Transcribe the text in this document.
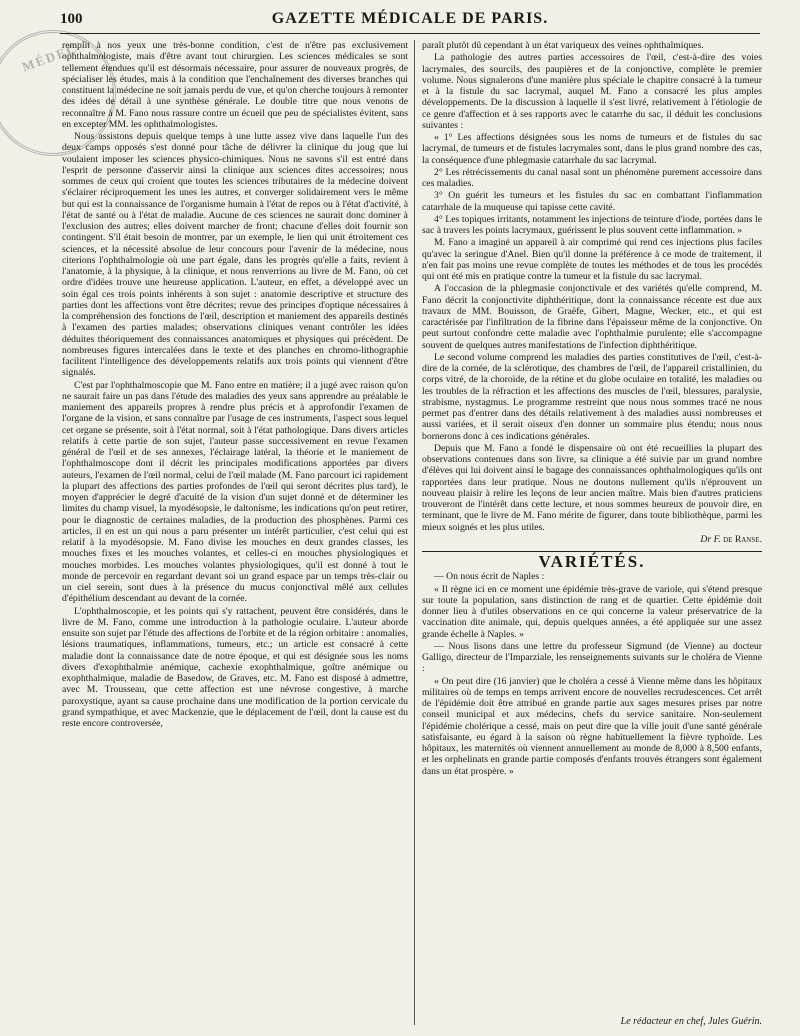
MÉDEC
100	GAZETTE MÉDICALE DE PARIS.

remplit à nos yeux une très-bonne condition, c'est de n'être pas exclusivement ophthalmologiste, mais d'être avant tout chirurgien. Les sciences médicales se sont tellement étendues qu'il est désormais nécessaire, pour assurer de nouveaux progrès, de spécialiser les études, mais à la condition que l'enchaînement des diverses branches qui constituent la médecine ne soit jamais perdu de vue, et qu'on cherche toujours à remonter des idées de détail à une synthèse générale. Le double titre que nous venons de reconnaître à M. Fano nous rassure contre un écueil que peu de spécialistes évitent, sans en excepter MM. les ophthalmologistes.

Nous assistons depuis quelque temps à une lutte assez vive dans laquelle l'un des deux camps opposés s'est donné pour tâche de délivrer la clinique du joug que lui voulaient imposer les sciences physico-chimiques. Nous ne savons s'il est entré dans l'esprit de personne d'asservir ainsi la clinique aux sciences dites accessoires; nous sommes de ceux qui croient que toutes les sciences tributaires de la médecine doivent s'éclairer réciproquement les unes les autres, et converger solidairement vers le même but qui est la connaissance de l'organisme humain à l'état de repos ou à l'état d'activité, à l'état de santé ou à l'état de maladie. Aucune de ces sciences ne saurait donc dominer à l'exclusion des autres; elles doivent marcher de front; chacune d'elles doit fournir son contingent. S'il était besoin de montrer, par un exemple, le lien qui unit étroitement ces sciences, et la nécessité absolue de leur concours pour l'avenir de la médecine, nous citerions l'ophthalmologie où une part égale, dans les progrès qu'elle a faits, revient à l'anatomie, à la physique, à la clinique, et nous renverrions au livre de M. Fano, où cet ordre d'idées trouve une heureuse application. L'auteur, en effet, a développé avec un soin égal ces trois points inhérents à son sujet : anatomie descriptive et structure des parties dont les affections vont être décrites; revue des principes d'optique nécessaires à la compréhension des fonctions de l'œil, description et maniement des appareils destinés à l'examen des parties malades; observations cliniques venant contrôler les idées déduites théoriquement des connaissances anatomiques et physiques qui précèdent. De nombreuses figures intercalées dans le texte et des planches en chromo-lithographie facilitent l'intelligence des développements relatifs aux trois points qui viennent d'être signalés.

C'est par l'ophthalmoscopie que M. Fano entre en matière; il a jugé avec raison qu'on ne saurait faire un pas dans l'étude des maladies des yeux sans apprendre au préalable le maniement des appareils propres à rendre plus précis et à approfondir l'examen de l'organe de la vision, et sans connaître par l'usage de ces instruments, l'aspect sous lequel cet organe se présente, soit à l'état normal, soit à l'état pathologique. Dans divers articles relatifs à cette partie de son sujet, l'auteur passe successivement en revue l'examen général de l'œil et de ses annexes, l'éclairage latéral, la théorie et le maniement de l'ophthalmoscope dont il décrit les principales modifications apportées par divers auteurs, l'examen de l'œil normal, celui de l'œil malade (M. Fano parcourt ici rapidement la plupart des affections des parties profondes de l'œil qui seront décrites plus tard), le moyen d'apprécier le degré d'acuité de la vision d'un sujet donné et de déterminer les limites du champ visuel, la myodésopsie, le daltonisme, les indications qu'on peut retirer, pour le diagnostic de certaines maladies, de la production des phosphènes. Parmi ces articles, il en est un qui nous a paru présenter un intérêt particulier, c'est celui qui est relatif à la myodésopsie. M. Fano divise les mouches en deux grandes classes, les mouches fixes et les mouches volantes, et celles-ci en mouches physiologiques et mouches morbides. Les mouches volantes physiologiques, qu'il est donné à tout le monde de percevoir en regardant devant soi un grand espace par un temps très-clair ou un ciel serein, sont dues à la présence du mucus conjonctival mêlé aux cellules d'épithélium descendant au devant de la cornée.

L'ophthalmoscopie, et les points qui s'y rattachent, peuvent être considérés, dans le livre de M. Fano, comme une introduction à la pathologie oculaire. L'auteur aborde ensuite son sujet par l'étude des affections de l'orbite et de la région orbitaire : anomalies, lésions traumatiques, inflammations, tumeurs, etc.; un article est consacré à cette maladie dont la connaissance date de notre époque, et qui est désignée sous les noms divers d'exophthalmie anémique, cachexie exophthalmique, goître anémique ou exophthalmique, maladie de Basedow, de Graves, etc. M. Fano est disposé à admettre, avec M. Trousseau, que cette affection est une névrose congestive, à marche paroxystique, ayant sa cause prochaine dans une modification de la portion cervicale du grand sympathique, et avec Mackenzie, que le déplacement de l'œil, dont la cause est du reste encore controversée,

paraît plutôt dû cependant à un état variqueux des veines ophthalmiques.

La pathologie des autres parties accessoires de l'œil, c'est-à-dire des voies lacrymales, des sourcils, des paupières et de la conjonctive, complète le premier volume. Nous signalerons d'une manière plus spéciale le chapitre consacré à la tumeur et à la fistule du sac lacrymal, auquel M. Fano a consacré les plus amples développements. De la discussion à laquelle il s'est livré, relativement à l'étiologie de ce genre d'affection et à ses rapports avec le catarrhe du sac, il déduit les conclusions suivantes :

« 1° Les affections désignées sous les noms de tumeurs et de fistules du sac lacrymal, de tumeurs et de fistules lacrymales sont, dans le plus grand nombre des cas, la conséquence d'une phlegmasie catarrhale du sac lacrymal.

2° Les rétrécissements du canal nasal sont un phénomène purement accessoire dans ces maladies.

3° On guérit les tumeurs et les fistules du sac en combattant l'inflammation catarrhale de la muqueuse qui tapisse cette cavité.

4° Les topiques irritants, notamment les injections de teinture d'iode, portées dans le sac à travers les points lacrymaux, guérissent le plus souvent cette inflammation. »

M. Fano a imaginé un appareil à air comprimé qui rend ces injections plus faciles qu'avec la seringue d'Anel. Bien qu'il donne la préférence à ce mode de traitement, il n'en fait pas moins une revue complète de toutes les méthodes et de tous les procédés qui ont été mis en pratique contre la tumeur et la fistule du sac lacrymal.

A l'occasion de la phlegmasie conjonctivale et des variétés qu'elle comprend, M. Fano décrit la conjonctivite diphthéritique, dont la connaissance récente est due aux travaux de MM. Bouisson, de Graëfe, Gibert, Magne, Wecker, etc., et qui est caractérisée par l'infiltration de la fibrine dans l'épaisseur même de la conjonctive. On peut surtout confondre cette maladie avec l'ophthalmie purulente; elle s'accompagne souvent de quelques autres manifestations de l'infection diphthéritique.

Le second volume comprend les maladies des parties constitutives de l'œil, c'est-à-dire de la cornée, de la sclérotique, des chambres de l'œil, de l'appareil cristallinien, du corps vitré, de la choroïde, de la rétine et du globe oculaire en totalité, les maladies ou les troubles de la réfraction et les affections des muscles de l'œil, blessures, paralysie, strabisme, nystagmus. Le programme restreint que nous nous sommes tracé ne nous permet pas d'entrer dans des détails relativement à des maladies aussi nombreuses et aussi variées, et il serait oiseux d'en donner un sommaire plus étendu; nous nous bornerons donc à ces indications générales.

Depuis que M. Fano a fondé le dispensaire où ont été recueillies la plupart des observations contenues dans son livre, sa clinique a été suivie par un grand nombre d'élèves qui lui doivent ainsi le bagage des connaissances ophthalmologiques qu'ils ont rapportées dans leur pratique. Nous ne doutons nullement qu'ils n'éprouvent un nouveau plaisir à relire les leçons de leur ancien maître. Mais bien d'autres praticiens trouveront de l'intérêt dans cette lecture, et nous sommes heureux de pouvoir dire, en terminant, que le livre de M. Fano mérite de figurer, dans toute bibliothèque, parmi les mieux soignés et les plus utiles.

Dr F. de Ranse.
VARIÉTÉS.

— On nous écrit de Naples :

« Il règne ici en ce moment une épidémie très-grave de variole, qui s'étend presque sur toute la population, sans distinction de rang et de quartier. Cette épidémie doit donner lieu à d'utiles observations en ce qui concerne la valeur préservatrice de la vaccination dite animale, qui, depuis quelques années, a été appliquée sur une assez grande échelle à Naples. »

— Nous lisons dans une lettre du professeur Sigmund (de Vienne) au docteur Galligo, directeur de l'Imparziale, les renseignements suivants sur le choléra de Vienne :

« On peut dire (16 janvier) que le choléra a cessé à Vienne même dans les hôpitaux militaires où de temps en temps arrivent encore de nouvelles recrudescences. Cet arrêt de l'épidémie doit être attribué en grande partie aux sages mesures prises par notre conseil municipal et aux médecins, chefs du service sanitaire. Non-seulement l'épidémie cholérique a cessé, mais on peut dire que la ville jouit d'une santé générale satisfaisante, eu égard à la saison où règne habituellement la fièvre typhoïde. Les hôpitaux, les maternités où viennent annuellement au monde de 8,000 à 8,500 enfants, et les orphelinats en grande partie composés d'enfants trouvés étrangers sont également dans un état prospère. »

Le rédacteur en chef, Jules Guérin.
